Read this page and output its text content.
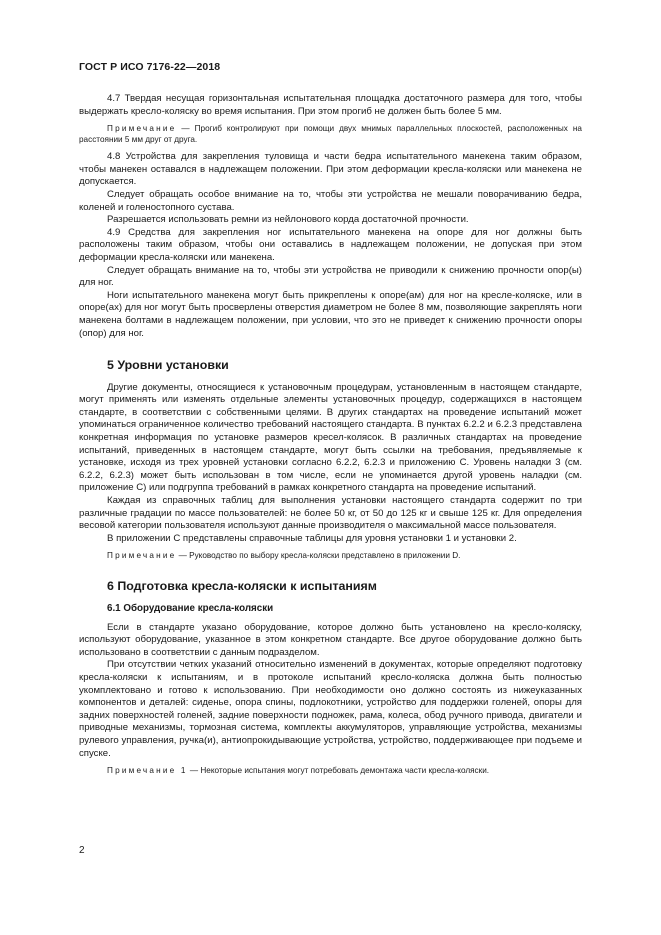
ГОСТ Р ИСО 7176-22—2018

4.7 Твердая несущая горизонтальная испытательная площадка достаточного размера для того, чтобы выдержать кресло-коляску во время испытания. При этом прогиб не должен быть более 5 мм.

Примечание — Прогиб контролируют при помощи двух мнимых параллельных плоскостей, расположенных на расстоянии 5 мм друг от друга.

4.8 Устройства для закрепления туловища и части бедра испытательного манекена таким образом, чтобы манекен оставался в надлежащем положении. При этом деформации кресла-коляски или манекена не допускается.

Следует обращать особое внимание на то, чтобы эти устройства не мешали поворачиванию бедра, коленей и голеностопного сустава.

Разрешается использовать ремни из нейлонового корда достаточной прочности.

4.9 Средства для закрепления ног испытательного манекена на опоре для ног должны быть расположены таким образом, чтобы они оставались в надлежащем положении, не допуская при этом деформации кресла-коляски или манекена.

Следует обращать внимание на то, чтобы эти устройства не приводили к снижению прочности опор(ы) для ног.

Ноги испытательного манекена могут быть прикреплены к опоре(ам) для ног на кресле-коляске, или в опоре(ах) для ног могут быть просверлены отверстия диаметром не более 8 мм, позволяющие закреплять ноги манекена болтами в надлежащем положении, при условии, что это не приведет к снижению прочности опоры (опор) для ног.

5 Уровни установки

Другие документы, относящиеся к установочным процедурам, установленным в настоящем стандарте, могут применять или изменять отдельные элементы установочных процедур, содержащихся в настоящем стандарте, в соответствии с собственными целями. В других стандартах на проведение испытаний может упоминаться ограниченное количество требований настоящего стандарта. В пунктах 6.2.2 и 6.2.3 представлена конкретная информация по установке размеров кресел-колясок. В различных стандартах на проведение испытаний, приведенных в настоящем стандарте, могут быть ссылки на требования, предъявляемые к установке, исходя из трех уровней установки согласно 6.2.2, 6.2.3 и приложению C. Уровень наладки 3 (см. 6.2.2, 6.2.3) может быть использован в том числе, если не упоминается другой уровень наладки (см. приложение C) или подгруппа требований в рамках конкретного стандарта на проведение испытаний.

Каждая из справочных таблиц для выполнения установки настоящего стандарта содержит по три различные градации по массе пользователей: не более 50 кг, от 50 до 125 кг и свыше 125 кг. Для определения весовой категории пользователя используют данные производителя о максимальной массе пользователя.

В приложении C представлены справочные таблицы для уровня установки 1 и установки 2.

Примечание — Руководство по выбору кресла-коляски представлено в приложении D.

6 Подготовка кресла-коляски к испытаниям
6.1 Оборудование кресла-коляски

Если в стандарте указано оборудование, которое должно быть установлено на кресло-коляску, используют оборудование, указанное в этом конкретном стандарте. Все другое оборудование должно быть использовано в соответствии с данным подразделом.

При отсутствии четких указаний относительно изменений в документах, которые определяют подготовку кресла-коляски к испытаниям, и в протоколе испытаний кресло-коляска должна быть полностью укомплектовано и готово к использованию. При необходимости оно должно состоять из нижеуказанных компонентов и деталей: сиденье, опора спины, подлокотники, устройство для поддержки голеней, опоры для задних поверхностей голеней, задние поверхности подножек, рама, колеса, обод ручного привода, двигатели и приводные механизмы, тормозная система, комплекты аккумуляторов, управляющие устройства, механизмы рулевого управления, ручка(и), антиопрокидывающие устройства, устройство, поддерживающее при подъеме и спуске.

Примечание 1 — Некоторые испытания могут потребовать демонтажа части кресла-коляски.

2
